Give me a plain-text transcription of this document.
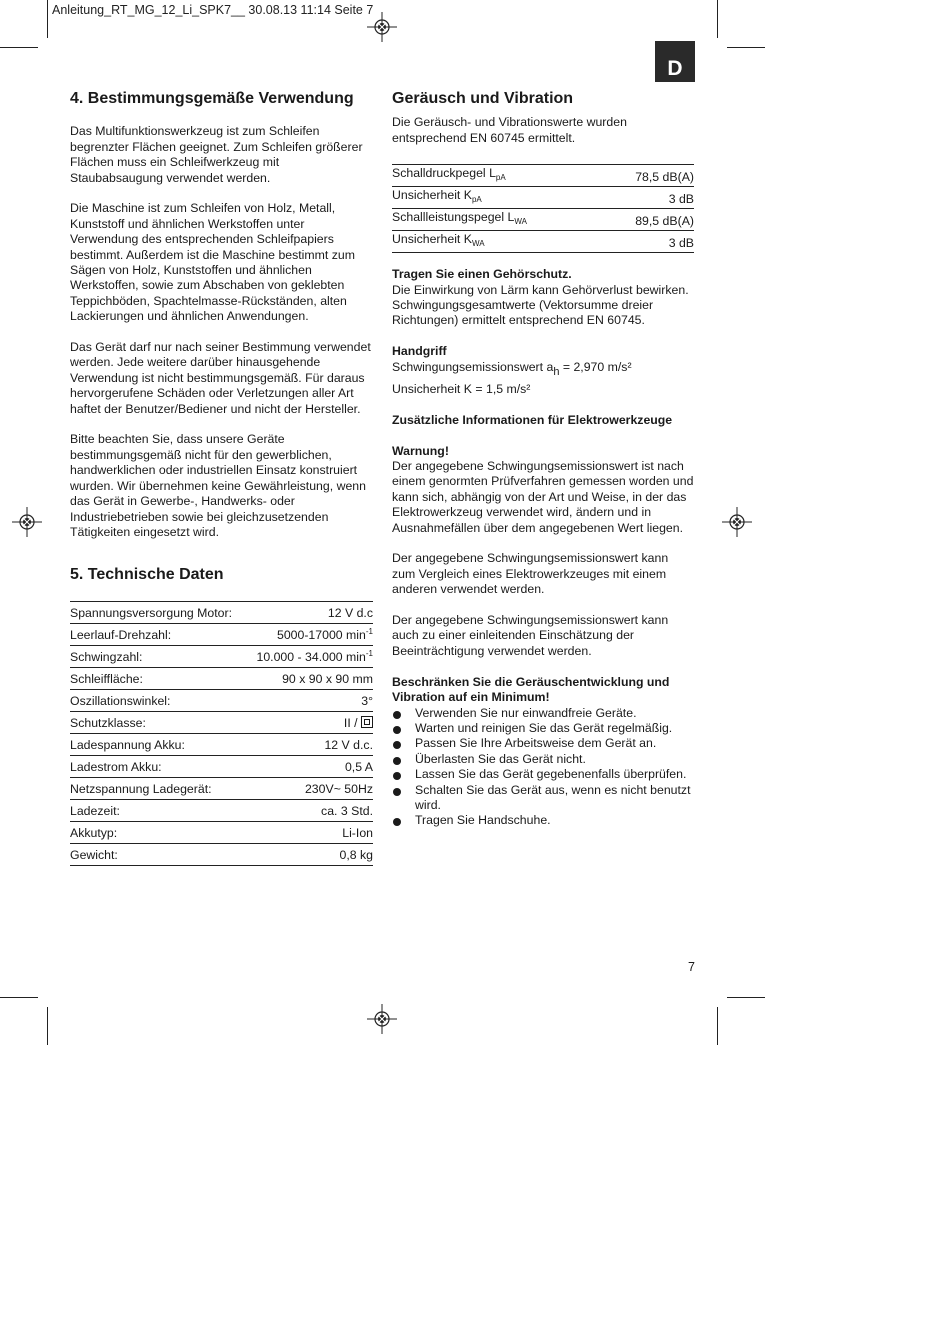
Anleitung_RT_MG_12_Li_SPK7__ 30.08.13 11:14 Seite 7
D
4. Bestimmungsgemäße Verwendung

Das Multifunktionswerkzeug ist zum Schleifen begrenzter Flächen geeignet. Zum Schleifen größerer Flächen muss ein Schleifwerkzeug mit Staubabsaugung verwendet werden.

Die Maschine ist zum Schleifen von Holz, Metall, Kunststoff und ähnlichen Werkstoffen unter Verwendung des entsprechenden Schleifpapiers bestimmt. Außerdem ist die Maschine bestimmt zum Sägen von Holz, Kunststoffen und ähnlichen Werkstoffen, sowie zum Abschaben von geklebten Teppichböden, Spachtelmasse-Rückständen, alten Lackierungen und ähnlichen Anwendungen.

Das Gerät darf nur nach seiner Bestimmung verwendet werden. Jede weitere darüber hinausgehende Verwendung ist nicht bestimmungsgemäß. Für daraus hervorgerufene Schäden oder Verletzungen aller Art haftet der Benutzer/Bediener und nicht der Hersteller.

Bitte beachten Sie, dass unsere Geräte bestimmungsgemäß nicht für den gewerblichen, handwerklichen oder industriellen Einsatz konstruiert wurden. Wir übernehmen keine Gewährleistung, wenn das Gerät in Gewerbe-, Handwerks- oder Industriebetrieben sowie bei gleichzusetzenden Tätigkeiten eingesetzt wird.

5. Technische Daten
Spannungsversorgung Motor:	12 V d.c
Leerlauf-Drehzahl:	5000-17000 $\min^{-1}$
Schwingzahl:	10.000 - 34.000 $\min^{-1}$
Schleiffläche:	90 x 90 x 90 mm
Oszillationswinkel:	3°
Schutzklasse:	II /
Ladespannung Akku:	12 V d.c.
Ladestrom Akku:	0,5 A
Netzspannung Ladegerät:	230V~ 50Hz
Ladezeit:	ca. 3 Std.
Akkutyp:	Li-Ion
Gewicht:	0,8 kg
Geräusch und Vibration

Die Geräusch- und Vibrationswerte wurden entsprechend EN 60745 ermittelt.

Schalldruckpegel $L_{pA}$	78,5 dB(A)
Unsicherheit $K_{pA}$	3 dB
Schallleistungspegel $L_{WA}$	89,5 dB(A)
Unsicherheit $K_{WA}$	3 dB

Tragen Sie einen Gehörschutz.

Die Einwirkung von Lärm kann Gehörverlust bewirken.

Schwingungsgesamtwerte (Vektorsumme dreier Richtungen) ermittelt entsprechend EN 60745.

Handgriff

Schwingungsemissionswert $a_h = 2,970$ m/s²

Unsicherheit K = 1,5 m/s²

Zusätzliche Informationen für Elektrowerkzeuge

Warnung!

Der angegebene Schwingungsemissionswert ist nach einem genormten Prüfverfahren gemessen worden und kann sich, abhängig von der Art und Weise, in der das Elektrowerkzeug verwendet wird, ändern und in Ausnahmefällen über dem angegebenen Wert liegen.

Der angegebene Schwingungsemissionswert kann zum Vergleich eines Elektrowerkzeuges mit einem anderen verwendet werden.

Der angegebene Schwingungsemissionswert kann auch zu einer einleitenden Einschätzung der Beeinträchtigung verwendet werden.

Beschränken Sie die Geräuschentwicklung und Vibration auf ein Minimum!

Verwenden Sie nur einwandfreie Geräte.
Warten und reinigen Sie das Gerät regelmäßig.
Passen Sie Ihre Arbeitsweise dem Gerät an.
Überlasten Sie das Gerät nicht.
Lassen Sie das Gerät gegebenenfalls überprüfen.
Schalten Sie das Gerät aus, wenn es nicht benutzt wird.
Tragen Sie Handschuhe.
7
